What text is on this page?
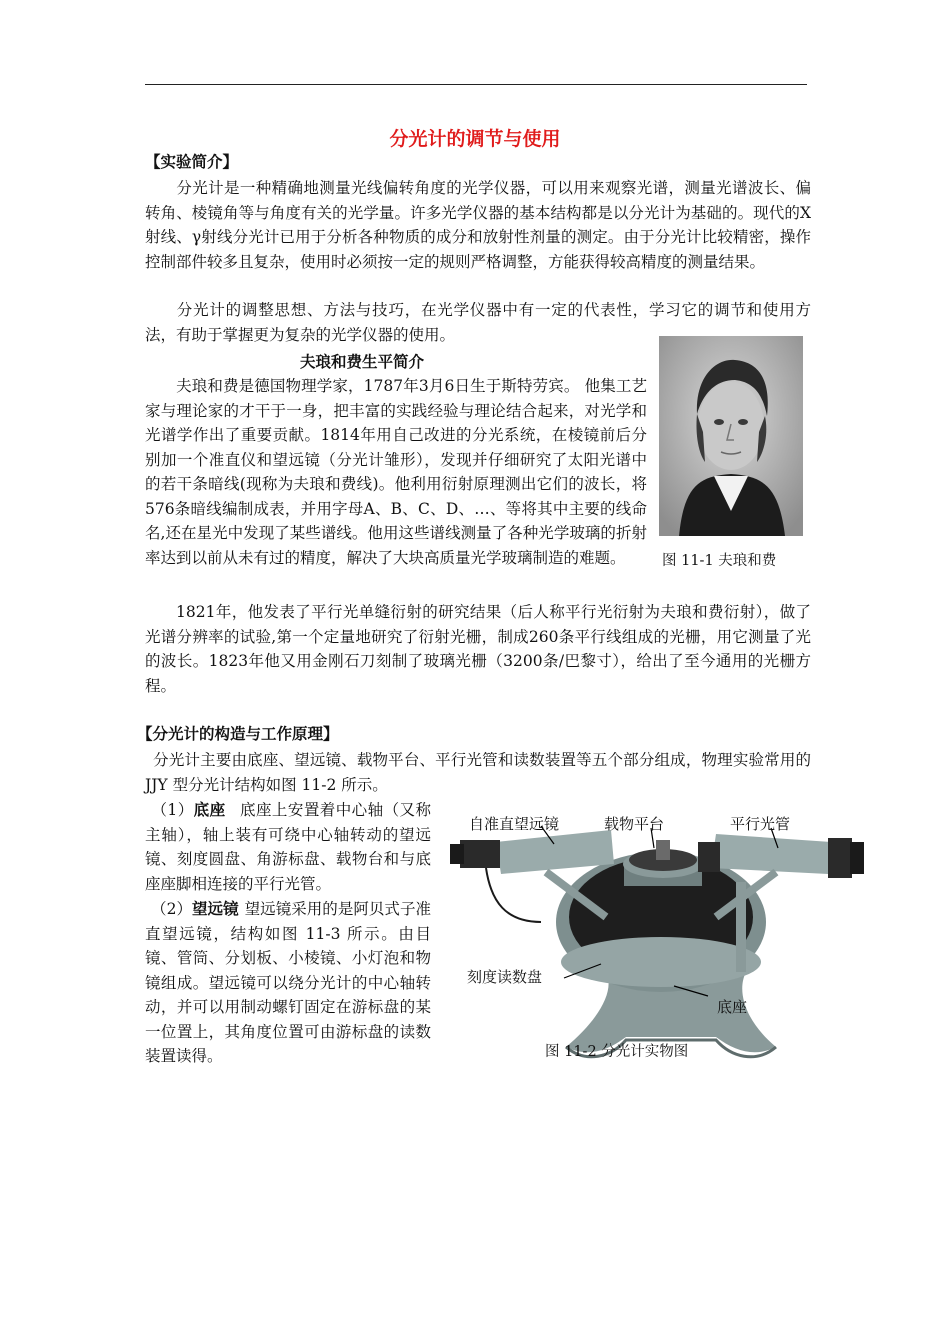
分光计的调节与使用
【实验简介】
分光计是一种精确地测量光线偏转角度的光学仪器，可以用来观察光谱，测量光谱波长、偏转角、棱镜角等与角度有关的光学量。许多光学仪器的基本结构都是以分光计为基础的。现代的X射线、γ射线分光计已用于分析各种物质的成分和放射性剂量的测定。由于分光计比较精密，操作控制部件较多且复杂，使用时必须按一定的规则严格调整，方能获得较高精度的测量结果。
分光计的调整思想、方法与技巧，在光学仪器中有一定的代表性，学习它的调节和使用方法，有助于掌握更为复杂的光学仪器的使用。
夫琅和费生平简介
夫琅和费是德国物理学家，1787年3月6日生于斯特劳宾。 他集工艺家与理论家的才干于一身，把丰富的实践经验与理论结合起来，对光学和光谱学作出了重要贡献。1814年用自己改进的分光系统，在棱镜前后分别加一个准直仪和望远镜（分光计雏形），发现并仔细研究了太阳光谱中的若干条暗线(现称为夫琅和费线)。他利用衍射原理测出它们的波长，将 576条暗线编制成表，并用字母A、B、C、D、…、等将其中主要的线命名,还在星光中发现了某些谱线。他用这些谱线测量了各种光学玻璃的折射率达到以前从未有过的精度，解决了大块高质量光学玻璃制造的难题。
1821年，他发表了平行光单缝衍射的研究结果（后人称平行光衍射为夫琅和费衍射），做了光谱分辨率的试验,第一个定量地研究了衍射光栅，制成260条平行线组成的光栅，用它测量了光的波长。1823年他又用金刚石刀刻制了玻璃光栅（3200条/巴黎寸），给出了至今通用的光栅方程。
图 11-1 夫琅和费
【分光计的构造与工作原理】
分光计主要由底座、望远镜、载物平台、平行光管和读数装置等五个部分组成，物理实验常用的 JJY 型分光计结构如图 11-2 所示。
（1）底座 底座上安置着中心轴（又称主轴），轴上装有可绕中心轴转动的望远镜、刻度圆盘、角游标盘、载物台和与底座座脚相连接的平行光管。
（2）望远镜 望远镜采用的是阿贝式子准直望远镜，结构如图 11-3 所示。由目镜、管筒、分划板、小棱镜、小灯泡和物镜组成。望远镜可以绕分光计的中心轴转动，并可以用制动螺钉固定在游标盘的某一位置上，其角度位置可由游标盘的读数装置读得。
自准直望远镜	载物平台	平行光管
刻度读数盘
底座
图 11-2 分光计实物图
